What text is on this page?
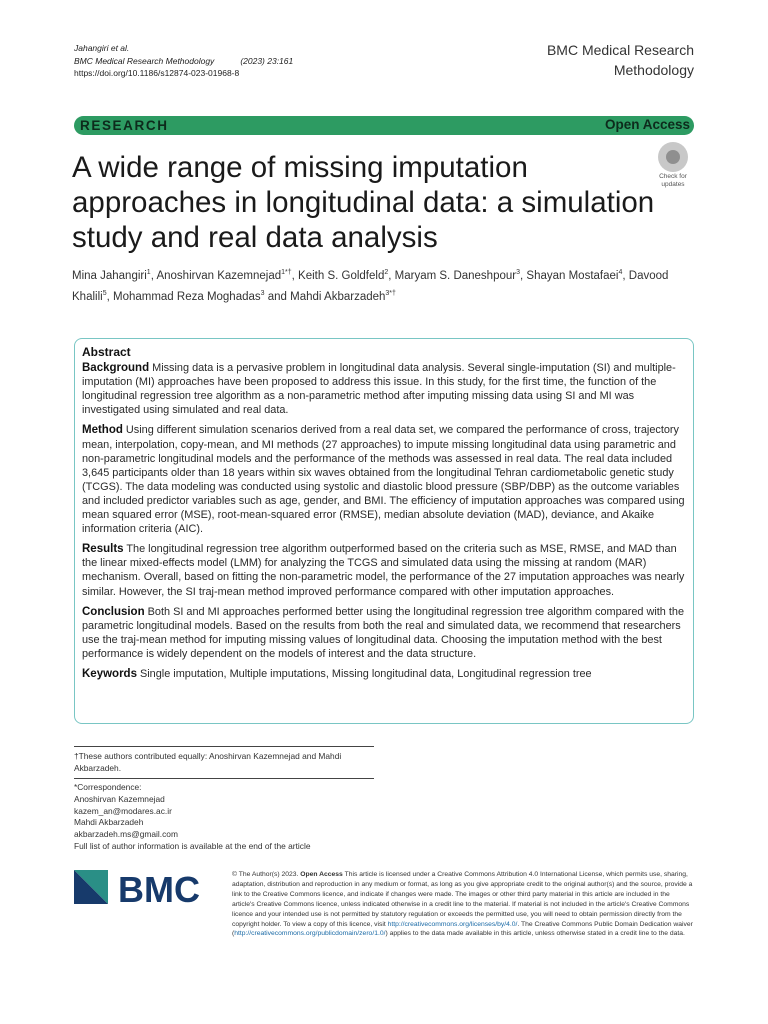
Jahangiri et al.
BMC Medical Research Methodology	(2023) 23:161
https://doi.org/10.1186/s12874-023-01968-8
BMC Medical Research
Methodology
RESEARCH	Open Access
A wide range of missing imputation approaches in longitudinal data: a simulation study and real data analysis
Check for
updates
Mina Jahangiri$^1$, Anoshirvan Kazemnejad$^{1*\dagger}$, Keith S. Goldfeld$^2$, Maryam S. Daneshpour$^3$, Shayan Mostafaei$^4$, Davood Khalili$^5$, Mohammad Reza Moghadas$^3$ and Mahdi Akbarzadeh$^{3*\dagger}$
Abstract

Background Missing data is a pervasive problem in longitudinal data analysis. Several single-imputation (SI) and multiple-imputation (MI) approaches have been proposed to address this issue. In this study, for the first time, the function of the longitudinal regression tree algorithm as a non-parametric method after imputing missing data using SI and MI was investigated using simulated and real data.

Method Using different simulation scenarios derived from a real data set, we compared the performance of cross, trajectory mean, interpolation, copy-mean, and MI methods (27 approaches) to impute missing longitudinal data using parametric and non-parametric longitudinal models and the performance of the methods was assessed in real data. The real data included 3,645 participants older than 18 years within six waves obtained from the longitudinal Tehran cardiometabolic genetic study (TCGS). The data modeling was conducted using systolic and diastolic blood pressure (SBP/DBP) as the outcome variables and included predictor variables such as age, gender, and BMI. The efficiency of imputation approaches was compared using mean squared error (MSE), root-mean-squared error (RMSE), median absolute deviation (MAD), deviance, and Akaike information criteria (AIC).

Results The longitudinal regression tree algorithm outperformed based on the criteria such as MSE, RMSE, and MAD than the linear mixed-effects model (LMM) for analyzing the TCGS and simulated data using the missing at random (MAR) mechanism. Overall, based on fitting the non-parametric model, the performance of the 27 imputation approaches was nearly similar. However, the SI traj-mean method improved performance compared with other imputation approaches.

Conclusion Both SI and MI approaches performed better using the longitudinal regression tree algorithm compared with the parametric longitudinal models. Based on the results from both the real and simulated data, we recommend that researchers use the traj-mean method for imputing missing values of longitudinal data. Choosing the imputation method with the best performance is widely dependent on the models of interest and the data structure.

Keywords Single imputation, Multiple imputations, Missing longitudinal data, Longitudinal regression tree

†These authors contributed equally: Anoshirvan Kazemnejad and Mahdi Akbarzadeh.
*Correspondence:
Anoshirvan Kazemnejad
kazem_an@modares.ac.ir
Mahdi Akbarzadeh
akbarzadeh.ms@gmail.com
Full list of author information is available at the end of the article
BMC	© The Author(s) 2023. Open Access This article is licensed under a Creative Commons Attribution 4.0 International License, which permits use, sharing, adaptation, distribution and reproduction in any medium or format, as long as you give appropriate credit to the original author(s) and the source, provide a link to the Creative Commons licence, and indicate if changes were made. The images or other third party material in this article are included in the article's Creative Commons licence, unless indicated otherwise in a credit line to the material. If material is not included in the article's Creative Commons licence and your intended use is not permitted by statutory regulation or exceeds the permitted use, you will need to obtain permission directly from the copyright holder. To view a copy of this licence, visit http://creativecommons.org/licenses/by/4.0/. The Creative Commons Public Domain Dedication waiver (http://creativecommons.org/publicdomain/zero/1.0/) applies to the data made available in this article, unless otherwise stated in a credit line to the data.
